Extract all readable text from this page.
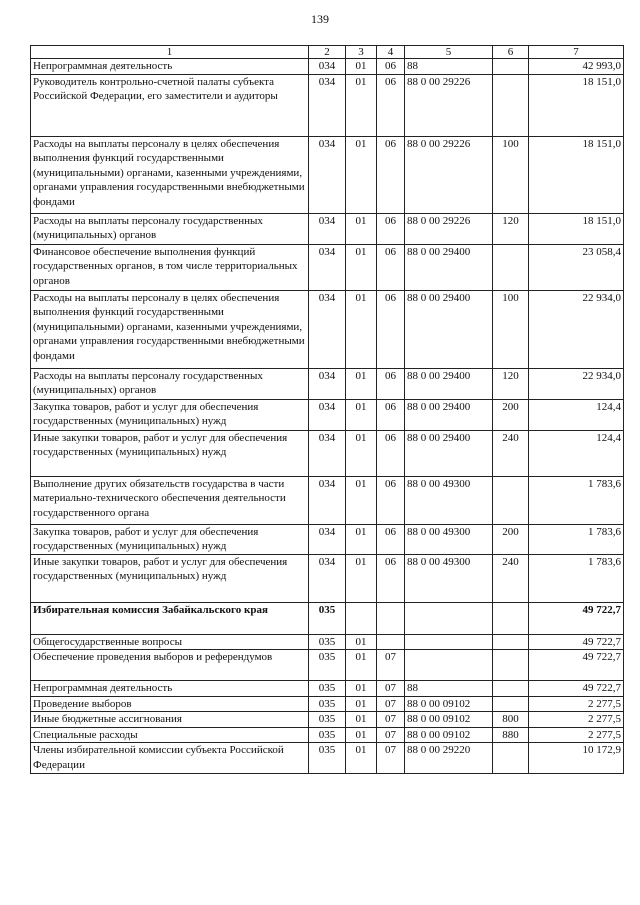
139
1	2	3	4	5	6	7
Непрограммная деятельность	034	01	06	88		42 993,0
Руководитель контрольно-счетной палаты субъекта Российской Федерации, его заместители и аудиторы	034	01	06	88 0 00 29226		18 151,0
Расходы на выплаты персоналу в целях обеспечения выполнения функций государственными (муниципальными) органами, казенными учреждениями, органами управления государственными внебюджетными фондами	034	01	06	88 0 00 29226	100	18 151,0
Расходы на выплаты персоналу государственных (муниципальных) органов	034	01	06	88 0 00 29226	120	18 151,0
Финансовое обеспечение выполнения функций государственных органов, в том числе территориальных органов	034	01	06	88 0 00 29400		23 058,4
Расходы на выплаты персоналу в целях обеспечения выполнения функций государственными (муниципальными) органами, казенными учреждениями, органами управления государственными внебюджетными фондами	034	01	06	88 0 00 29400	100	22 934,0
Расходы на выплаты персоналу государственных (муниципальных) органов	034	01	06	88 0 00 29400	120	22 934,0
Закупка товаров, работ и услуг для обеспечения государственных (муниципальных) нужд	034	01	06	88 0 00 29400	200	124,4
Иные закупки товаров, работ и услуг для обеспечения государственных (муниципальных) нужд	034	01	06	88 0 00 29400	240	124,4
Выполнение других обязательств государства в части материально-технического обеспечения деятельности государственного органа	034	01	06	88 0 00 49300		1 783,6
Закупка товаров, работ и услуг для обеспечения государственных (муниципальных) нужд	034	01	06	88 0 00 49300	200	1 783,6
Иные закупки товаров, работ и услуг для обеспечения государственных (муниципальных) нужд	034	01	06	88 0 00 49300	240	1 783,6
Избирательная комиссия Забайкальского края	035					49 722,7
Общегосударственные вопросы	035	01				49 722,7
Обеспечение проведения выборов и референдумов	035	01	07			49 722,7
Непрограммная деятельность	035	01	07	88		49 722,7
Проведение выборов	035	01	07	88 0 00 09102		2 277,5
Иные бюджетные ассигнования	035	01	07	88 0 00 09102	800	2 277,5
Специальные расходы	035	01	07	88 0 00 09102	880	2 277,5
Члены избирательной комиссии субъекта Российской Федерации	035	01	07	88 0 00 29220		10 172,9
